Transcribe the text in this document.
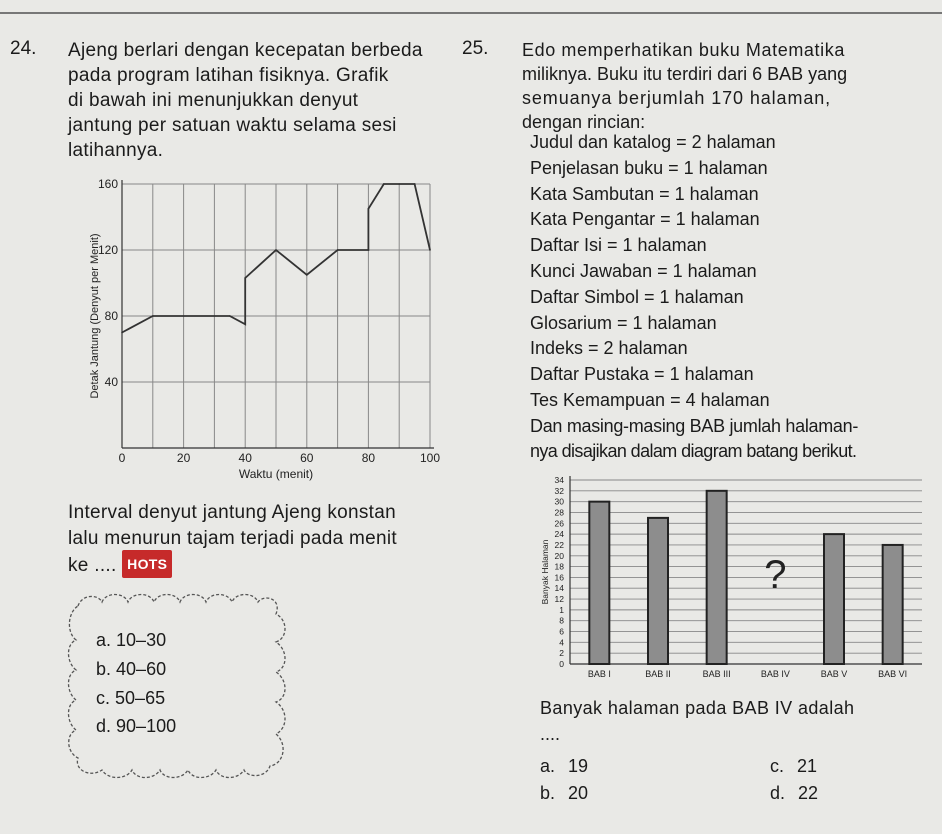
24. Ajeng berlari dengan kecepatan berbeda

pada program latihan fisiknya. Grafik

di bawah ini menunjukkan denyut

jantung per satuan waktu selama sesi

latihannya.

40
80
120
160
0	20	40	60	80	100
Waktu (menit)
Detak Jantung (Denyut per Menit)

Interval denyut jantung Ajeng konstan

lalu menurun tajam terjadi pada menit

ke .... HOTS

a. 10–30
b. 40–60
c. 50–65
d. 90–100
25. Edo memperhatikan buku Matematika
miliknya. Buku itu terdiri dari 6 BAB yang
semuanya berjumlah 170 halaman,
dengan rincian:
Judul dan katalog = 2 halaman
Penjelasan buku = 1 halaman
Kata Sambutan = 1 halaman
Kata Pengantar = 1 halaman
Daftar Isi = 1 halaman
Kunci Jawaban = 1 halaman
Daftar Simbol = 1 halaman
Glosarium = 1 halaman
Indeks = 2 halaman
Daftar Pustaka = 1 halaman
Tes Kemampuan = 4 halaman
Dan masing-masing BAB jumlah halaman-
nya disajikan dalam diagram batang berikut.
0
2
4
6
8
1
12
14
16
18
20
22
24
26
28
30
32
34
Banyak Halaman
BAB I	BAB II	BAB III
?
BAB IV	BAB V	BAB VI
Banyak halaman pada BAB IV adalah
....
a. 19
b. 20
c. 21
d. 22
